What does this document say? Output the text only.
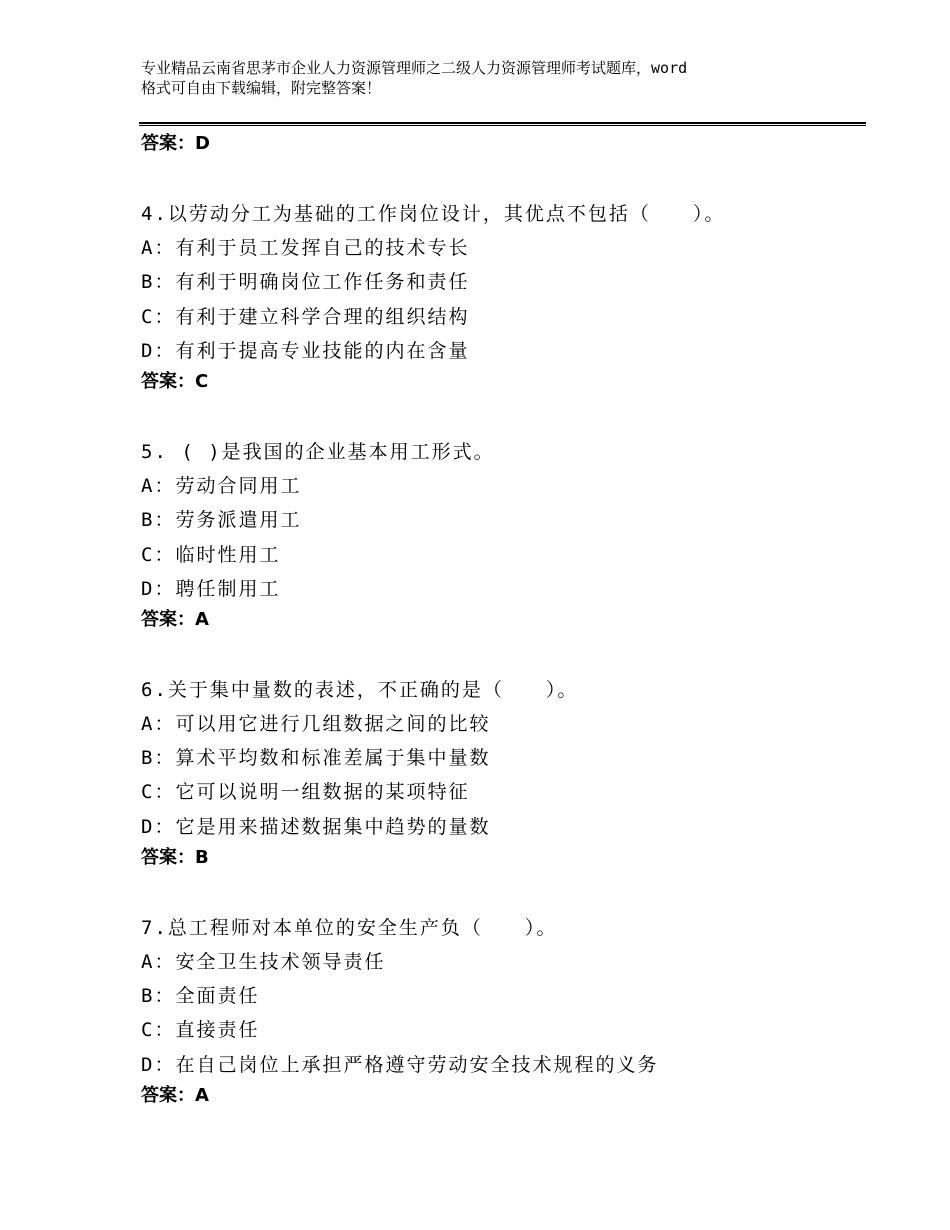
专业精品云南省思茅市企业人力资源管理师之二级人力资源管理师考试题库，word
格式可自由下载编辑，附完整答案！
答案：D
4.以劳动分工为基础的工作岗位设计，其优点不包括（　　）。
A：有利于员工发挥自己的技术专长
B：有利于明确岗位工作任务和责任
C：有利于建立科学合理的组织结构
D：有利于提高专业技能的内在含量
答案：C
5. ( )是我国的企业基本用工形式。
A：劳动合同用工
B：劳务派遣用工
C：临时性用工
D：聘任制用工
答案：A
6.关于集中量数的表述，不正确的是（　　）。
A：可以用它进行几组数据之间的比较
B：算术平均数和标准差属于集中量数
C：它可以说明一组数据的某项特征
D：它是用来描述数据集中趋势的量数
答案：B
7.总工程师对本单位的安全生产负（　　）。
A：安全卫生技术领导责任
B：全面责任
C：直接责任
D：在自己岗位上承担严格遵守劳动安全技术规程的义务
答案：A
